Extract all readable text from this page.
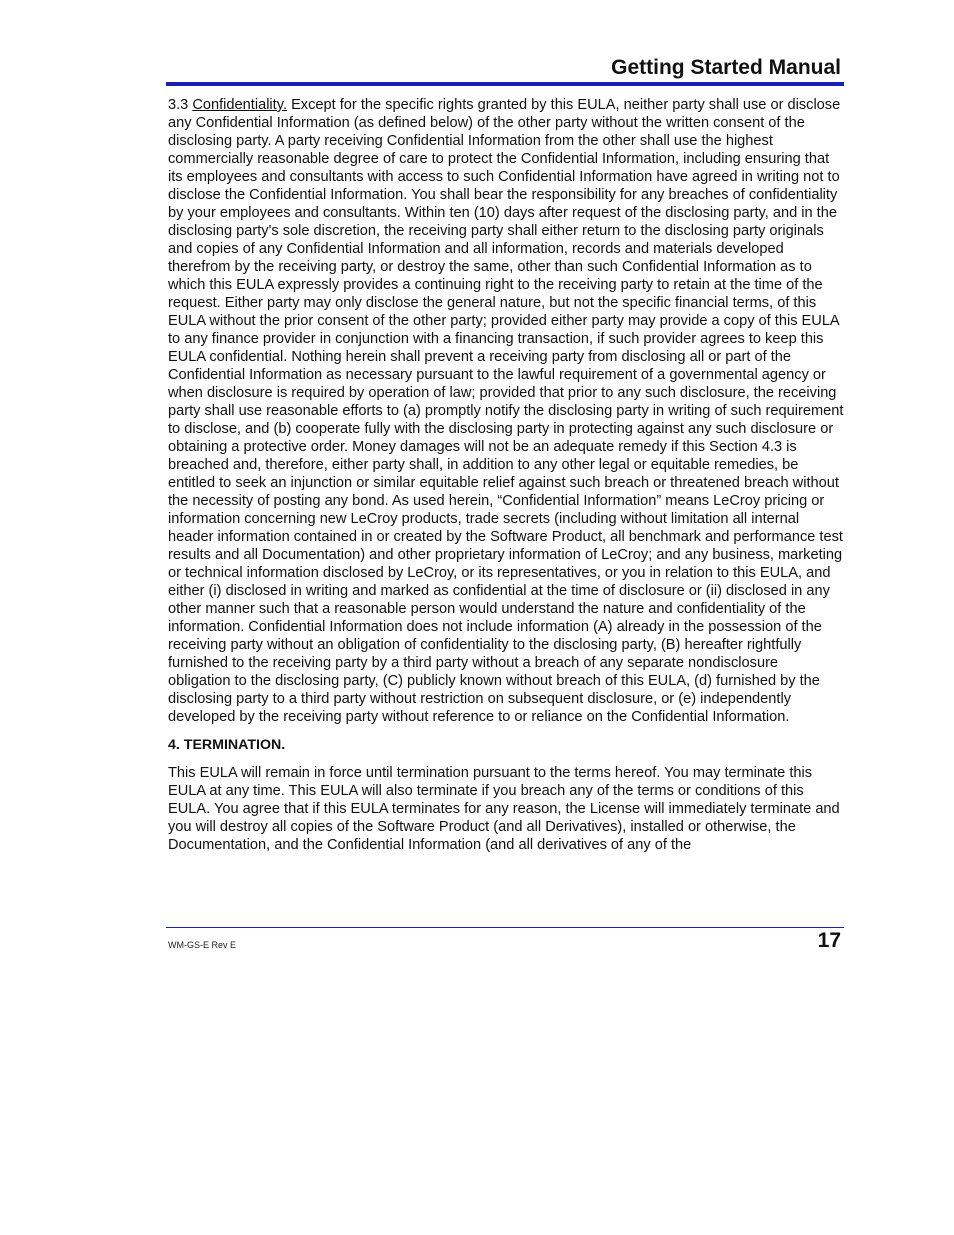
Getting Started Manual

3.3 Confidentiality. Except for the specific rights granted by this EULA, neither party shall use or disclose any Confidential Information (as defined below) of the other party without the written consent of the disclosing party. A party receiving Confidential Information from the other shall use the highest commercially reasonable degree of care to protect the Confidential Information, including ensuring that its employees and consultants with access to such Confidential Information have agreed in writing not to disclose the Confidential Information. You shall bear the responsibility for any breaches of confidentiality by your employees and consultants. Within ten (10) days after request of the disclosing party, and in the disclosing party's sole discretion, the receiving party shall either return to the disclosing party originals and copies of any Confidential Information and all information, records and materials developed therefrom by the receiving party, or destroy the same, other than such Confidential Information as to which this EULA expressly provides a continuing right to the receiving party to retain at the time of the request. Either party may only disclose the general nature, but not the specific financial terms, of this EULA without the prior consent of the other party; provided either party may provide a copy of this EULA to any finance provider in conjunction with a financing transaction, if such provider agrees to keep this EULA confidential. Nothing herein shall prevent a receiving party from disclosing all or part of the Confidential Information as necessary pursuant to the lawful requirement of a governmental agency or when disclosure is required by operation of law; provided that prior to any such disclosure, the receiving party shall use reasonable efforts to (a) promptly notify the disclosing party in writing of such requirement to disclose, and (b) cooperate fully with the disclosing party in protecting against any such disclosure or obtaining a protective order. Money damages will not be an adequate remedy if this Section 4.3 is breached and, therefore, either party shall, in addition to any other legal or equitable remedies, be entitled to seek an injunction or similar equitable relief against such breach or threatened breach without the necessity of posting any bond. As used herein, “Confidential Information” means LeCroy pricing or information concerning new LeCroy products, trade secrets (including without limitation all internal header information contained in or created by the Software Product, all benchmark and performance test results and all Documentation) and other proprietary information of LeCroy; and any business, marketing or technical information disclosed by LeCroy, or its representatives, or you in relation to this EULA, and either (i) disclosed in writing and marked as confidential at the time of disclosure or (ii) disclosed in any other manner such that a reasonable person would understand the nature and confidentiality of the information. Confidential Information does not include information (A) already in the possession of the receiving party without an obligation of confidentiality to the disclosing party, (B) hereafter rightfully furnished to the receiving party by a third party without a breach of any separate nondisclosure obligation to the disclosing party, (C) publicly known without breach of this EULA, (d) furnished by the disclosing party to a third party without restriction on subsequent disclosure, or (e) independently developed by the receiving party without reference to or reliance on the Confidential Information.

4. TERMINATION.

This EULA will remain in force until termination pursuant to the terms hereof. You may terminate this EULA at any time. This EULA will also terminate if you breach any of the terms or conditions of this EULA. You agree that if this EULA terminates for any reason, the License will immediately terminate and you will destroy all copies of the Software Product (and all Derivatives), installed or otherwise, the Documentation, and the Confidential Information (and all derivatives of any of the

WM-GS-E Rev E	17
